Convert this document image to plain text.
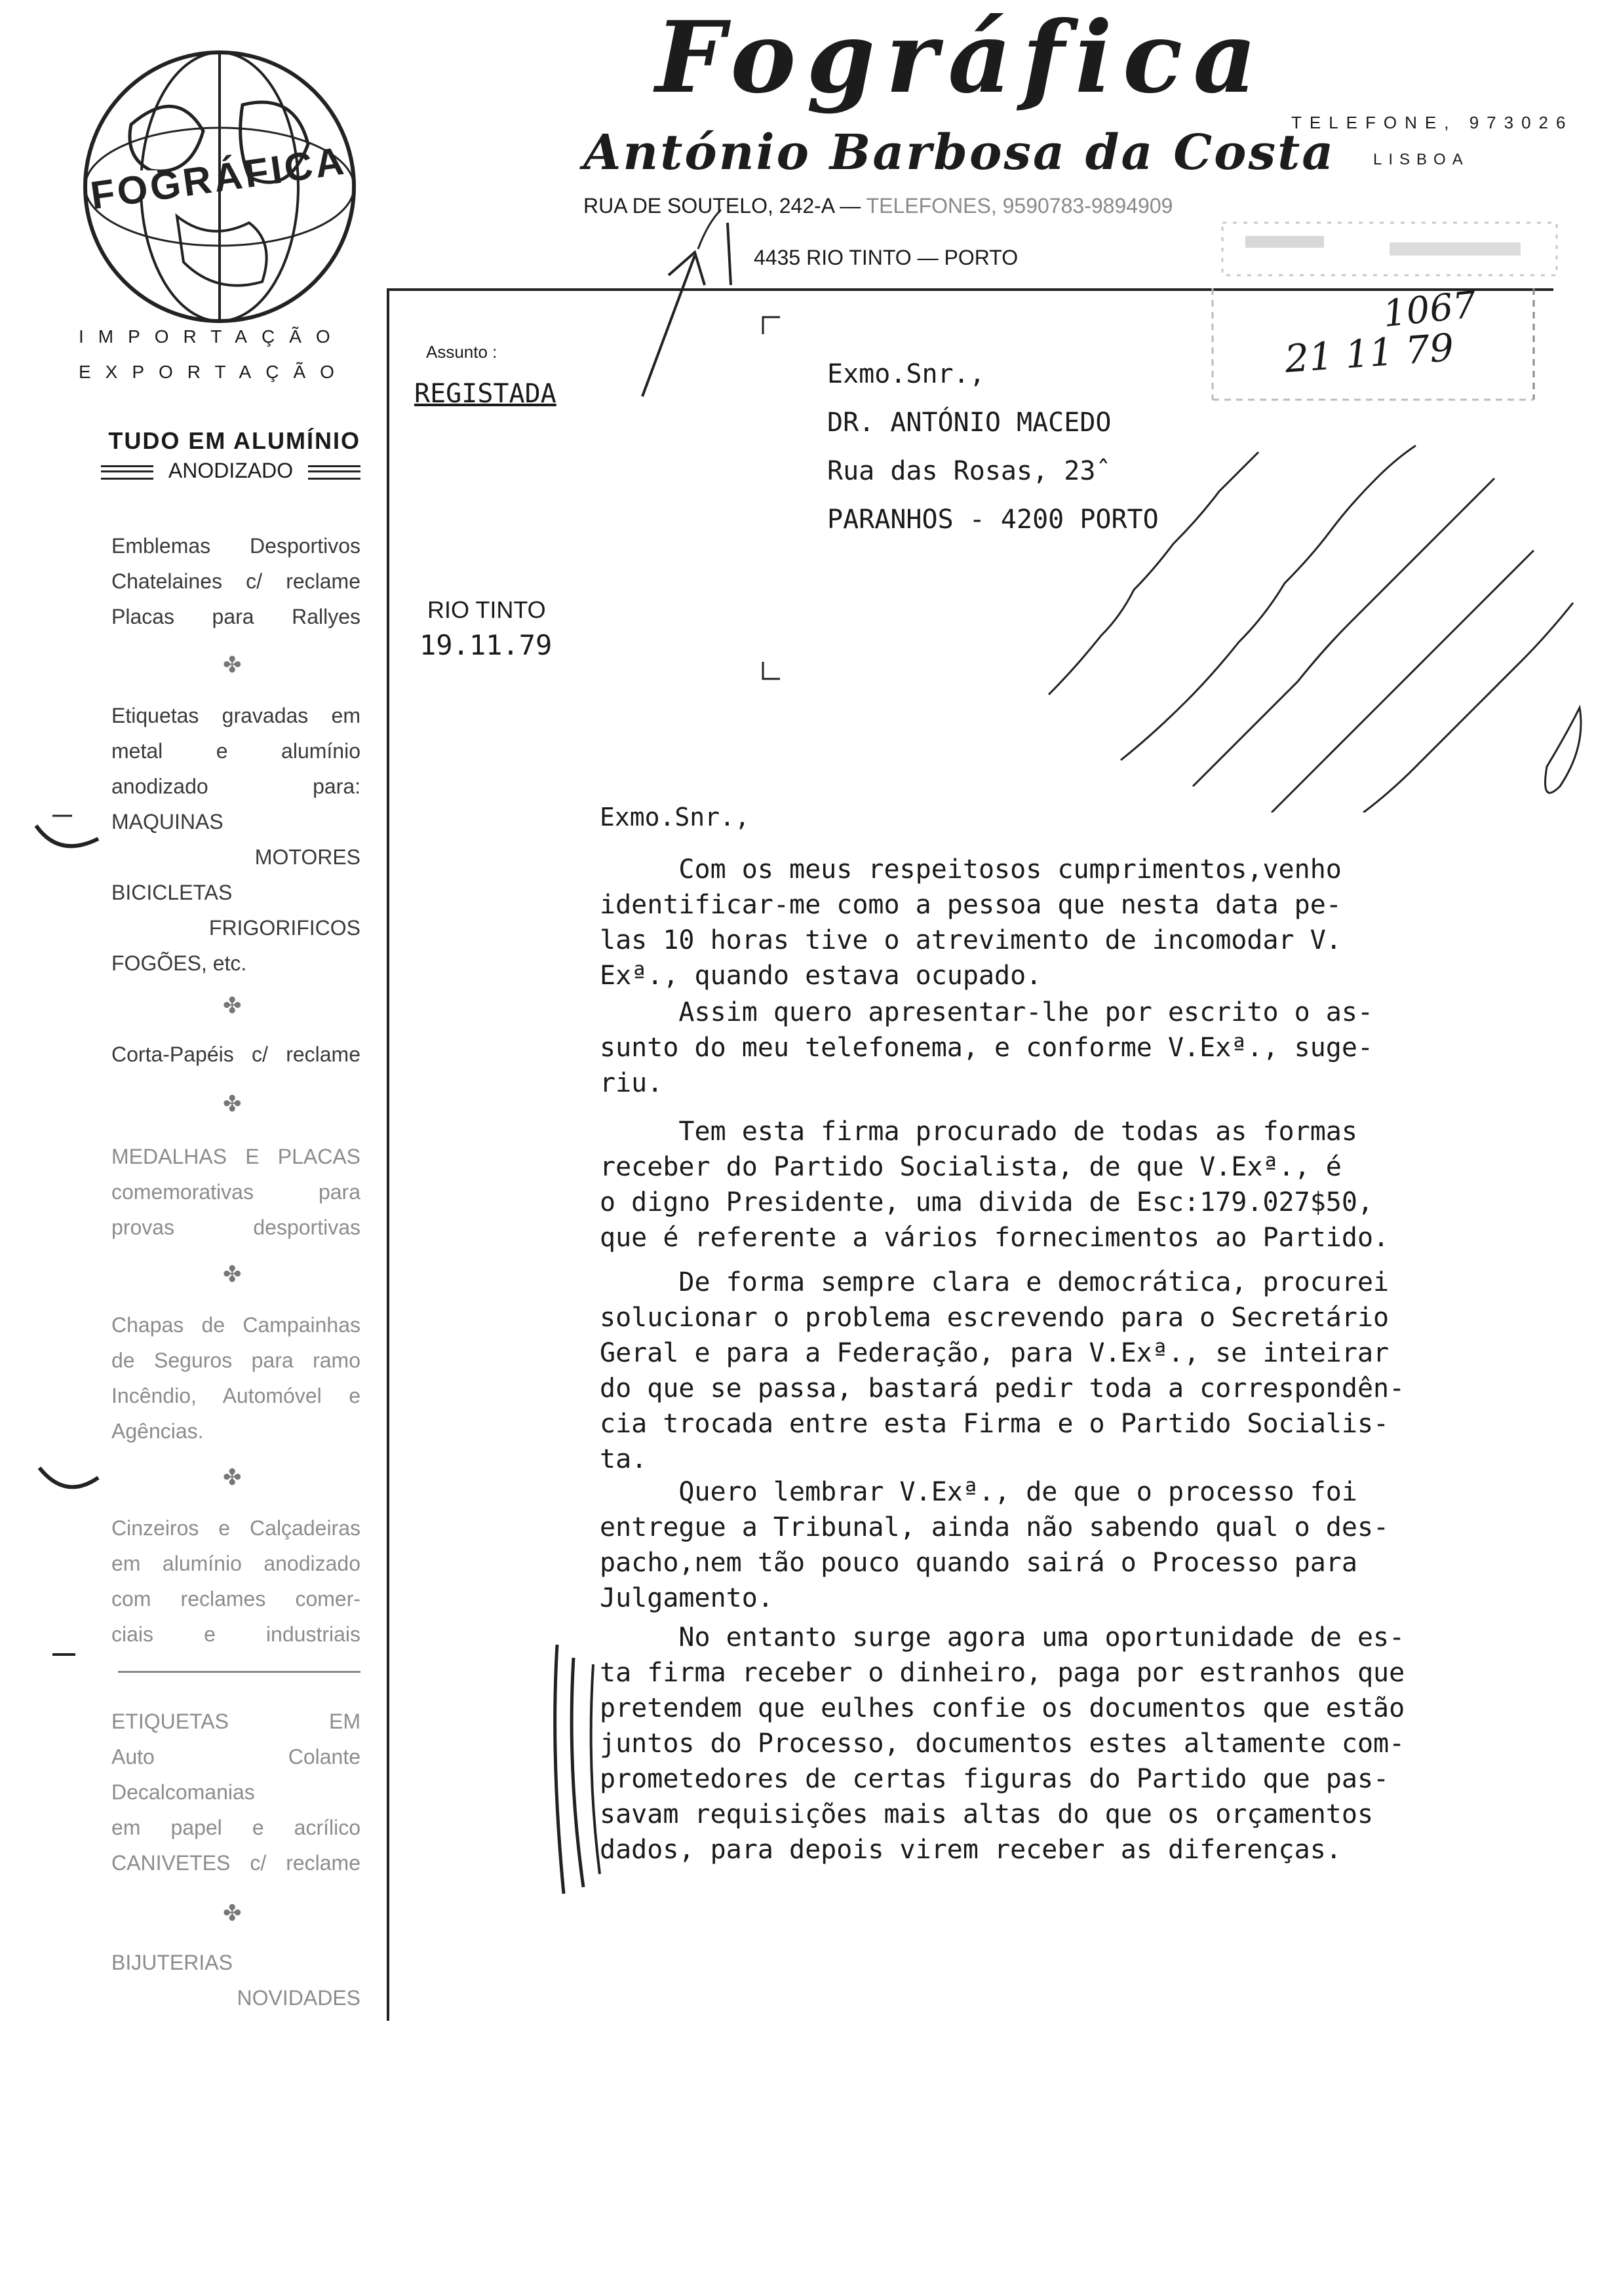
FOGRÁFICA
Fográfica
António Barbosa da Costa
RUA DE SOUTELO, 242-A — TELEFONES, 9590783-9894909
4435 RIO TINTO — PORTO
TELEFONE, 973026
LISBOA
IMPORTAÇÃO
EXPORTAÇÃO
TUDO EM ALUMÍNIO
ANODIZADO
Emblemas Desportivos
Chatelaines c/ reclame
Placas para Rallyes
✤
Etiquetas gravadas em
metal e alumínio
anodizado para:
MAQUINAS
MOTORES
BICICLETAS
FRIGORIFICOS
FOGÕES, etc.
✤
Corta-Papéis c/ reclame
✤
MEDALHAS E PLACAS
comemorativas para
provas desportivas
✤
Chapas de Campainhas
de Seguros para ramo
Incêndio, Automóvel e
Agências.
✤
Cinzeiros e Calçadeiras
em alumínio anodizado
com reclames comer-
ciais e industriais
ETIQUETAS EM
Auto Colante
Decalcomanias
em papel e acrílico
CANIVETES c/ reclame
✤
BIJUTERIAS
NOVIDADES
Assunto :
REGISTADA
RIO TINTO
19.11.79
Exmo.Snr.,
DR. ANTÓNIO MACEDO
Rua das Rosas, 23ˆ
PARANHOS - 4200 PORTO
1067
21 11 79
Exmo.Snr.,
Com os meus respeitosos cumprimentos,venho
identificar-me como a pessoa que nesta data pe-
las 10 horas tive o atrevimento de incomodar V.
Exª., quando estava ocupado.
Assim quero apresentar-lhe por escrito o as-
sunto do meu telefonema, e conforme V.Exª., suge-
riu.
Tem esta firma procurado de todas as formas
receber do Partido Socialista, de que V.Exª., é
o digno Presidente, uma divida de Esc:179.027$50,
que é referente a vários fornecimentos ao Partido.
De forma sempre clara e democrática, procurei
solucionar o problema escrevendo para o Secretário
Geral e para a Federação, para V.Exª., se inteirar
do que se passa, bastará pedir toda a correspondên-
cia trocada entre esta Firma e o Partido Socialis-
ta.
Quero lembrar V.Exª., de que o processo foi
entregue a Tribunal, ainda não sabendo qual o des-
pacho,nem tão pouco quando sairá o Processo para
Julgamento.
No entanto surge agora uma oportunidade de es-
ta firma receber o dinheiro, paga por estranhos que
pretendem que eulhes confie os documentos que estão
juntos do Processo, documentos estes altamente com-
prometedores de certas figuras do Partido que pas-
savam requisições mais altas do que os orçamentos
dados, para depois virem receber as diferenças.
